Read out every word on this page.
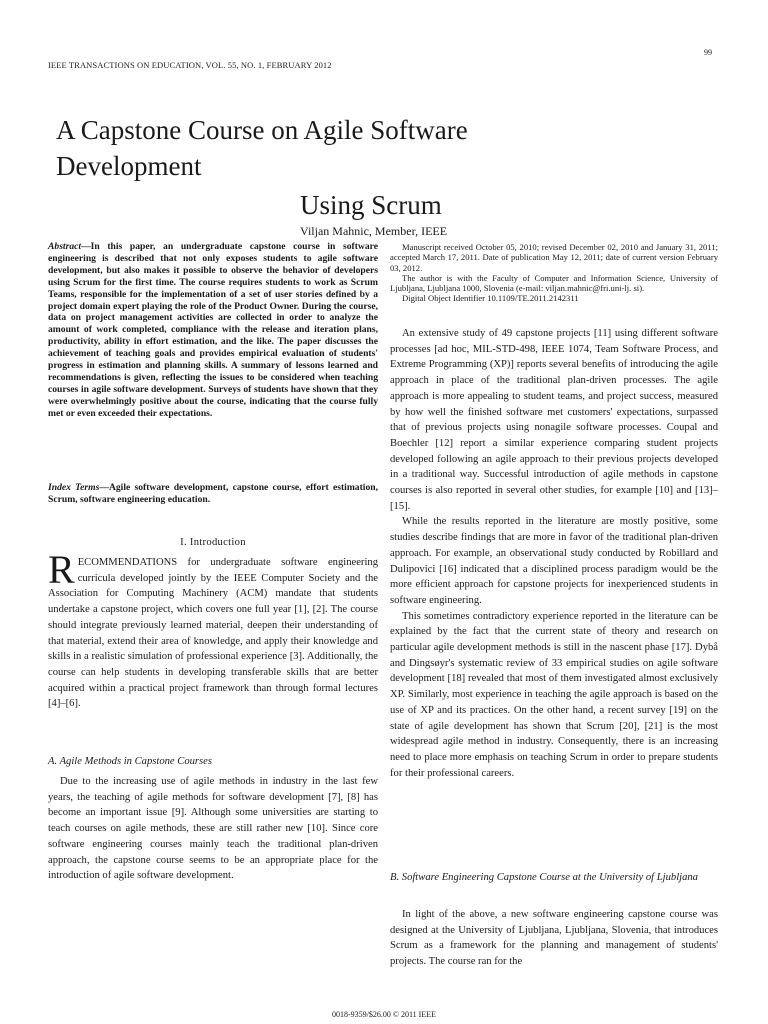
99
IEEE TRANSACTIONS ON EDUCATION, VOL. 55, NO. 1, FEBRUARY 2012
A Capstone Course on Agile Software Development
Using Scrum
Viljan Mahnic, Member, IEEE
Abstract—In this paper, an undergraduate capstone course in software engineering is described that not only exposes students to agile software development, but also makes it possible to observe the behavior of developers using Scrum for the first time. The course requires students to work as Scrum Teams, responsible for the implementation of a set of user stories defined by a project domain expert playing the role of the Product Owner. During the course, data on project management activities are collected in order to analyze the amount of work completed, compliance with the release and iteration plans, productivity, ability in effort estimation, and the like. The paper discusses the achievement of teaching goals and provides empirical evaluation of students' progress in estimation and planning skills. A summary of lessons learned and recommendations is given, reflecting the issues to be considered when teaching courses in agile software development. Surveys of students have shown that they were overwhelmingly positive about the course, indicating that the course fully met or even exceeded their expectations.
Index Terms—Agile software development, capstone course, effort estimation, Scrum, software engineering education.
I. Introduction
RECOMMENDATIONS for undergraduate software engineering curricula developed jointly by the IEEE Computer Society and the Association for Computing Machinery (ACM) mandate that students undertake a capstone project, which covers one full year [1], [2]. The course should integrate previously learned material, deepen their understanding of that material, extend their area of knowledge, and apply their knowledge and skills in a realistic simulation of professional experience [3]. Additionally, the course can help students in developing transferable skills that are better acquired within a practical project framework than through formal lectures [4]–[6].
A. Agile Methods in Capstone Courses

Due to the increasing use of agile methods in industry in the last few years, the teaching of agile methods for software development [7], [8] has become an important issue [9]. Although some universities are starting to teach courses on agile methods, these are still rather new [10]. Since core software engineering courses mainly teach the traditional plan-driven approach, the capstone course seems to be an appropriate place for the introduction of agile software development.

Manuscript received October 05, 2010; revised December 02, 2010 and January 31, 2011; accepted March 17, 2011. Date of publication May 12, 2011; date of current version February 03, 2012.

The author is with the Faculty of Computer and Information Science, University of Ljubljana, Ljubljana 1000, Slovenia (e-mail: viljan.mahnic@fri.uni-lj. si).

Digital Object Identifier 10.1109/TE.2011.2142311

An extensive study of 49 capstone projects [11] using different software processes [ad hoc, MIL-STD-498, IEEE 1074, Team Software Process, and Extreme Programming (XP)] reports several benefits of introducing the agile approach in place of the traditional plan-driven processes. The agile approach is more appealing to student teams, and project success, measured by how well the finished software met customers' expectations, surpassed that of previous projects using nonagile software processes. Coupal and Boechler [12] report a similar experience comparing student projects developed following an agile approach to their previous projects developed in a traditional way. Successful introduction of agile methods in capstone courses is also reported in several other studies, for example [10] and [13]–[15].

While the results reported in the literature are mostly positive, some studies describe findings that are more in favor of the traditional plan-driven approach. For example, an observational study conducted by Robillard and Dulipovici [16] indicated that a disciplined process paradigm would be the more efficient approach for capstone projects for inexperienced students in software engineering.

This sometimes contradictory experience reported in the literature can be explained by the fact that the current state of theory and research on particular agile development methods is still in the nascent phase [17]. Dybå and Dingsøyr's systematic review of 33 empirical studies on agile software development [18] revealed that most of them investigated almost exclusively XP. Similarly, most experience in teaching the agile approach is based on the use of XP and its practices. On the other hand, a recent survey [19] on the state of agile development has shown that Scrum [20], [21] is the most widespread agile method in industry. Consequently, there is an increasing need to place more emphasis on teaching Scrum in order to prepare students for their professional careers.

B. Software Engineering Capstone Course at the University of Ljubljana

In light of the above, a new software engineering capstone course was designed at the University of Ljubljana, Ljubljana, Slovenia, that introduces Scrum as a framework for the planning and management of students' projects. The course ran for the

0018-9359/$26.00 © 2011 IEEE
